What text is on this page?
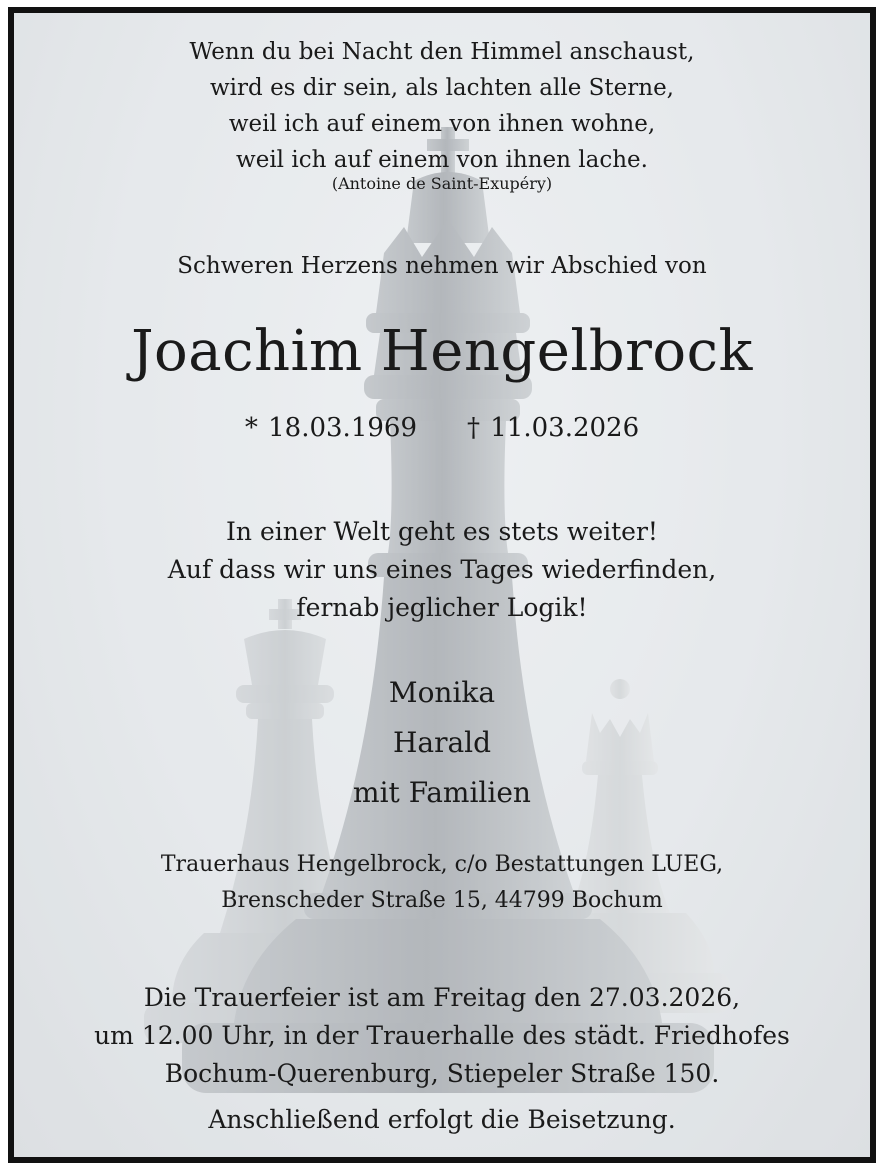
Wenn du bei Nacht den Himmel anschaust,
wird es dir sein, als lachten alle Sterne,
weil ich auf einem von ihnen wohne,
weil ich auf einem von ihnen lache.
(Antoine de Saint-Exupéry)
Schweren Herzens nehmen wir Abschied von
Joachim Hengelbrock
* 18.03.1969 † 11.03.2026
In einer Welt geht es stets weiter!
Auf dass wir uns eines Tages wiederfinden,
fernab jeglicher Logik!
Monika
Harald
mit Familien
Trauerhaus Hengelbrock, c/o Bestattungen LUEG,
Brenscheder Straße 15, 44799 Bochum
Die Trauerfeier ist am Freitag den 27.03.2026,
um 12.00 Uhr, in der Trauerhalle des städt. Friedhofes
Bochum-Querenburg, Stiepeler Straße 150.
Anschließend erfolgt die Beisetzung.
